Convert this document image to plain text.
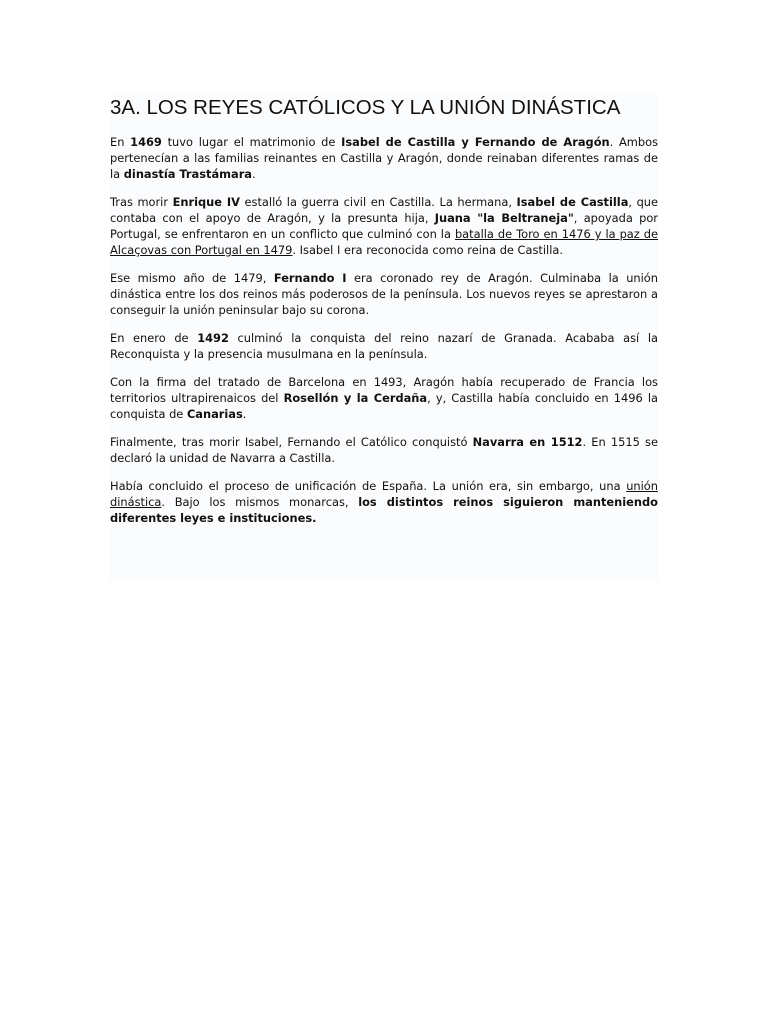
3A. LOS REYES CATÓLICOS Y LA UNIÓN DINÁSTICA

En 1469 tuvo lugar el matrimonio de Isabel de Castilla y Fernando de Aragón. Ambos pertenecían a las familias reinantes en Castilla y Aragón, donde reinaban diferentes ramas de la dinastía Trastámara.

Tras morir Enrique IV estalló la guerra civil en Castilla. La hermana, Isabel de Castilla, que contaba con el apoyo de Aragón, y la presunta hija, Juana "la Beltraneja", apoyada por Portugal, se enfrentaron en un conflicto que culminó con la batalla de Toro en 1476 y la paz de Alcaçovas con Portugal en 1479. Isabel I era reconocida como reina de Castilla.

Ese mismo año de 1479, Fernando I era coronado rey de Aragón. Culminaba la unión dinástica entre los dos reinos más poderosos de la península. Los nuevos reyes se aprestaron a conseguir la unión peninsular bajo su corona.

En enero de 1492 culminó la conquista del reino nazarí de Granada. Acababa así la Reconquista y la presencia musulmana en la península.

Con la firma del tratado de Barcelona en 1493, Aragón había recuperado de Francia los territorios ultrapirenaicos del Rosellón y la Cerdaña, y, Castilla había concluido en 1496 la conquista de Canarias.

Finalmente, tras morir Isabel, Fernando el Católico conquistó Navarra en 1512. En 1515 se declaró la unidad de Navarra a Castilla.

Había concluido el proceso de unificación de España. La unión era, sin embargo, una unión dinástica. Bajo los mismos monarcas, los distintos reinos siguieron manteniendo diferentes leyes e instituciones.
